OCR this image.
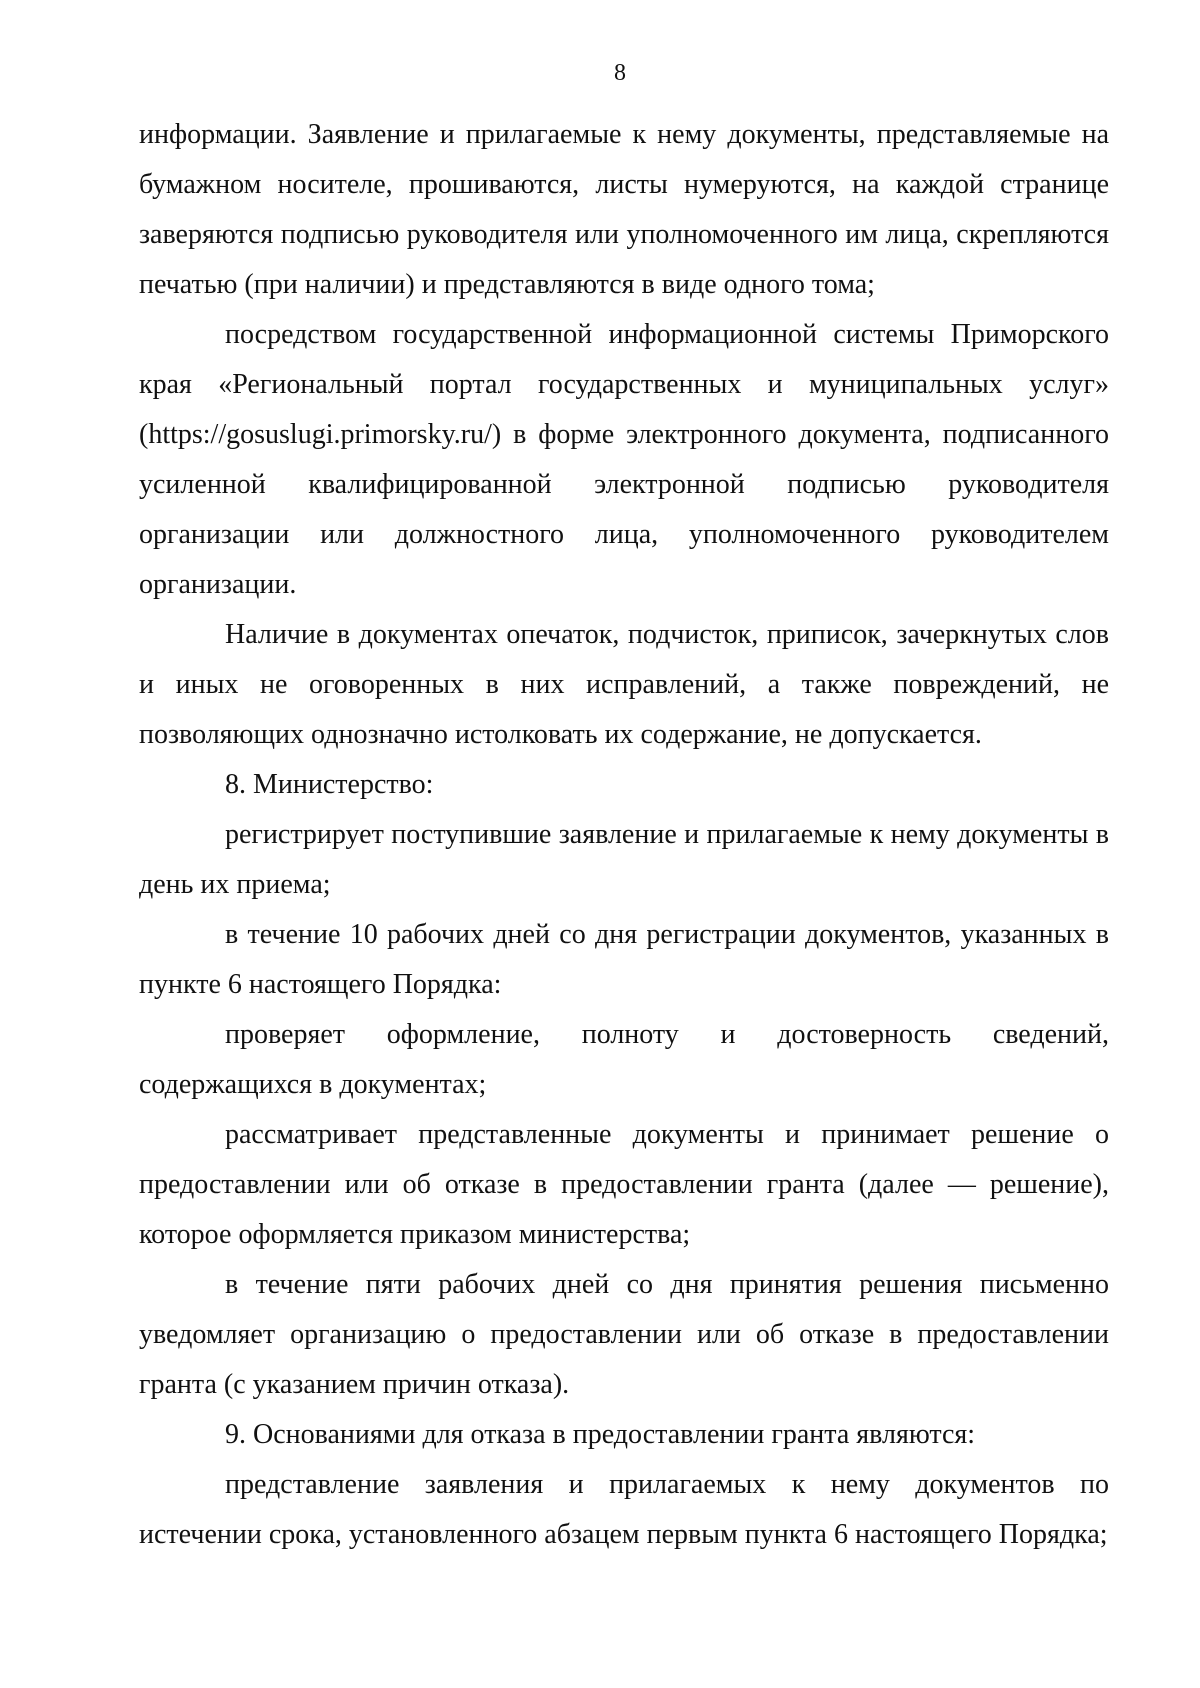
8

информации. Заявление и прилагаемые к нему документы, представляемые на бумажном носителе, прошиваются, листы нумеруются, на каждой странице заверяются подписью руководителя или уполномоченного им лица, скрепляются печатью (при наличии) и представляются в виде одного тома;

посредством государственной информационной системы Приморского края «Региональный портал государственных и муниципальных услуг» (https://gosuslugi.primorsky.ru/) в форме электронного документа, подписанного усиленной квалифицированной электронной подписью руководителя организации или должностного лица, уполномоченного руководителем организации.

Наличие в документах опечаток, подчисток, приписок, зачеркнутых слов и иных не оговоренных в них исправлений, а также повреждений, не позволяющих однозначно истолковать их содержание, не допускается.

8. Министерство:

регистрирует поступившие заявление и прилагаемые к нему документы в день их приема;

в течение 10 рабочих дней со дня регистрации документов, указанных в пункте 6 настоящего Порядка:

проверяет оформление, полноту и достоверность сведений, содержащихся в документах;

рассматривает представленные документы и принимает решение о предоставлении или об отказе в предоставлении гранта (далее — решение), которое оформляется приказом министерства;

в течение пяти рабочих дней со дня принятия решения письменно уведомляет организацию о предоставлении или об отказе в предоставлении гранта (с указанием причин отказа).

9. Основаниями для отказа в предоставлении гранта являются:

представление заявления и прилагаемых к нему документов по истечении срока, установленного абзацем первым пункта 6 настоящего Порядка;
